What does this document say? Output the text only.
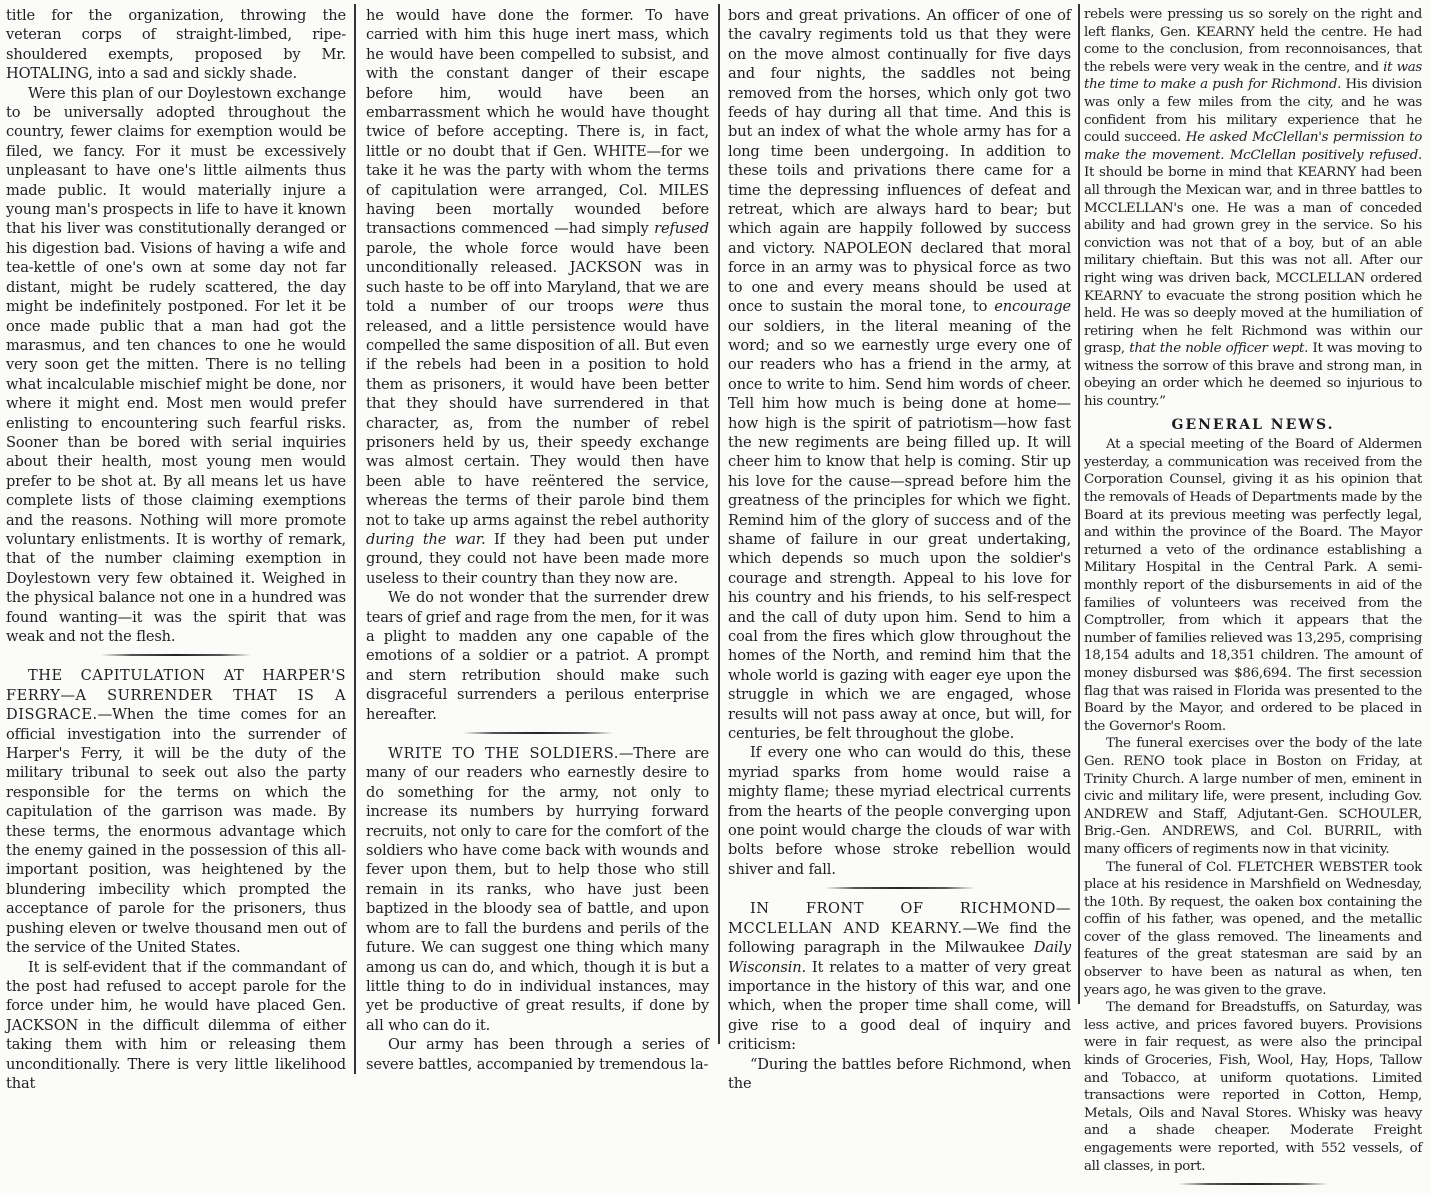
title for the organization, throwing the veteran corps of straight-limbed, ripe-shouldered exempts, proposed by Mr. HOTALING, into a sad and sickly shade.

Were this plan of our Doylestown exchange to be universally adopted throughout the country, fewer claims for exemption would be filed, we fancy. For it must be excessively unpleasant to have one's little ailments thus made public. It would materially injure a young man's prospects in life to have it known that his liver was constitutionally deranged or his digestion bad. Visions of having a wife and tea-kettle of one's own at some day not far distant, might be rudely scattered, the day might be indefinitely postponed. For let it be once made public that a man had got the marasmus, and ten chances to one he would very soon get the mitten. There is no telling what incalculable mischief might be done, nor where it might end. Most men would prefer enlisting to encountering such fearful risks. Sooner than be bored with serial inquiries about their health, most young men would prefer to be shot at. By all means let us have complete lists of those claiming exemptions and the reasons. Nothing will more promote voluntary enlistments. It is worthy of remark, that of the number claiming exemption in Doylestown very few obtained it. Weighed in the physical balance not one in a hundred was found wanting—it was the spirit that was weak and not the flesh.

THE CAPITULATION AT HARPER'S FERRY—A SURRENDER THAT IS A DISGRACE.—When the time comes for an official investigation into the surrender of Harper's Ferry, it will be the duty of the military tribunal to seek out also the party responsible for the terms on which the capitulation of the garrison was made. By these terms, the enormous advantage which the enemy gained in the possession of this all-important position, was heightened by the blundering imbecility which prompted the acceptance of parole for the prisoners, thus pushing eleven or twelve thousand men out of the service of the United States.

It is self-evident that if the commandant of the post had refused to accept parole for the force under him, he would have placed Gen. JACKSON in the difficult dilemma of either taking them with him or releasing them unconditionally. There is very little likelihood that

he would have done the former. To have carried with him this huge inert mass, which he would have been compelled to subsist, and with the constant danger of their escape before him, would have been an embarrassment which he would have thought twice of before accepting. There is, in fact, little or no doubt that if Gen. WHITE—for we take it he was the party with whom the terms of capitulation were arranged, Col. MILES having been mortally wounded before transactions commenced —had simply refused parole, the whole force would have been unconditionally released. JACKSON was in such haste to be off into Maryland, that we are told a number of our troops were thus released, and a little persistence would have compelled the same disposition of all. But even if the rebels had been in a position to hold them as prisoners, it would have been better that they should have surrendered in that character, as, from the number of rebel prisoners held by us, their speedy exchange was almost certain. They would then have been able to have reëntered the service, whereas the terms of their parole bind them not to take up arms against the rebel authority during the war. If they had been put under ground, they could not have been made more useless to their country than they now are.

We do not wonder that the surrender drew tears of grief and rage from the men, for it was a plight to madden any one capable of the emotions of a soldier or a patriot. A prompt and stern retribution should make such disgraceful surrenders a perilous enterprise hereafter.

WRITE TO THE SOLDIERS.—There are many of our readers who earnestly desire to do something for the army, not only to increase its numbers by hurrying forward recruits, not only to care for the comfort of the soldiers who have come back with wounds and fever upon them, but to help those who still remain in its ranks, who have just been baptized in the bloody sea of battle, and upon whom are to fall the burdens and perils of the future. We can suggest one thing which many among us can do, and which, though it is but a little thing to do in individual instances, may yet be productive of great results, if done by all who can do it.

Our army has been through a series of severe battles, accompanied by tremendous la-

bors and great privations. An officer of one of the cavalry regiments told us that they were on the move almost continually for five days and four nights, the saddles not being removed from the horses, which only got two feeds of hay during all that time. And this is but an index of what the whole army has for a long time been undergoing. In addition to these toils and privations there came for a time the depressing influences of defeat and retreat, which are always hard to bear; but which again are happily followed by success and victory. NAPOLEON declared that moral force in an army was to physical force as two to one and every means should be used at once to sustain the moral tone, to encourage our soldiers, in the literal meaning of the word; and so we earnestly urge every one of our readers who has a friend in the army, at once to write to him. Send him words of cheer. Tell him how much is being done at home—how high is the spirit of patriotism—how fast the new regiments are being filled up. It will cheer him to know that help is coming. Stir up his love for the cause—spread before him the greatness of the principles for which we fight. Remind him of the glory of success and of the shame of failure in our great undertaking, which depends so much upon the soldier's courage and strength. Appeal to his love for his country and his friends, to his self-respect and the call of duty upon him. Send to him a coal from the fires which glow throughout the homes of the North, and remind him that the whole world is gazing with eager eye upon the struggle in which we are engaged, whose results will not pass away at once, but will, for centuries, be felt throughout the globe.

If every one who can would do this, these myriad sparks from home would raise a mighty flame; these myriad electrical currents from the hearts of the people converging upon one point would charge the clouds of war with bolts before whose stroke rebellion would shiver and fall.

IN FRONT OF RICHMOND—MCCLELLAN AND KEARNY.—We find the following paragraph in the Milwaukee Daily Wisconsin. It relates to a matter of very great importance in the history of this war, and one which, when the proper time shall come, will give rise to a good deal of inquiry and criticism:

“During the battles before Richmond, when the

rebels were pressing us so sorely on the right and left flanks, Gen. KEARNY held the centre. He had come to the conclusion, from reconnoisances, that the rebels were very weak in the centre, and it was the time to make a push for Richmond. His division was only a few miles from the city, and he was confident from his military experience that he could succeed. He asked McClellan's permission to make the movement. McClellan positively refused. It should be borne in mind that KEARNY had been all through the Mexican war, and in three battles to MCCLELLAN's one. He was a man of conceded ability and had grown grey in the service. So his conviction was not that of a boy, but of an able military chieftain. But this was not all. After our right wing was driven back, MCCLELLAN ordered KEARNY to evacuate the strong position which he held. He was so deeply moved at the humiliation of retiring when he felt Richmond was within our grasp, that the noble officer wept. It was moving to witness the sorrow of this brave and strong man, in obeying an order which he deemed so injurious to his country.”

GENERAL NEWS.

At a special meeting of the Board of Aldermen yesterday, a communication was received from the Corporation Counsel, giving it as his opinion that the removals of Heads of Departments made by the Board at its previous meeting was perfectly legal, and within the province of the Board. The Mayor returned a veto of the ordinance establishing a Military Hospital in the Central Park. A semi-monthly report of the disbursements in aid of the families of volunteers was received from the Comptroller, from which it appears that the number of families relieved was 13,295, comprising 18,154 adults and 18,351 children. The amount of money disbursed was $86,694. The first secession flag that was raised in Florida was presented to the Board by the Mayor, and ordered to be placed in the Governor's Room.

The funeral exercises over the body of the late Gen. RENO took place in Boston on Friday, at Trinity Church. A large number of men, eminent in civic and military life, were present, including Gov. ANDREW and Staff, Adjutant-Gen. SCHOULER, Brig.-Gen. ANDREWS, and Col. BURRIL, with many officers of regiments now in that vicinity.

The funeral of Col. FLETCHER WEBSTER took place at his residence in Marshfield on Wednesday, the 10th. By request, the oaken box containing the coffin of his father, was opened, and the metallic cover of the glass removed. The lineaments and features of the great statesman are said by an observer to have been as natural as when, ten years ago, he was given to the grave.

The demand for Breadstuffs, on Saturday, was less active, and prices favored buyers. Provisions were in fair request, as were also the principal kinds of Groceries, Fish, Wool, Hay, Hops, Tallow and Tobacco, at uniform quotations. Limited transactions were reported in Cotton, Hemp, Metals, Oils and Naval Stores. Whisky was heavy and a shade cheaper. Moderate Freight engagements were reported, with 552 vessels, of all classes, in port.
